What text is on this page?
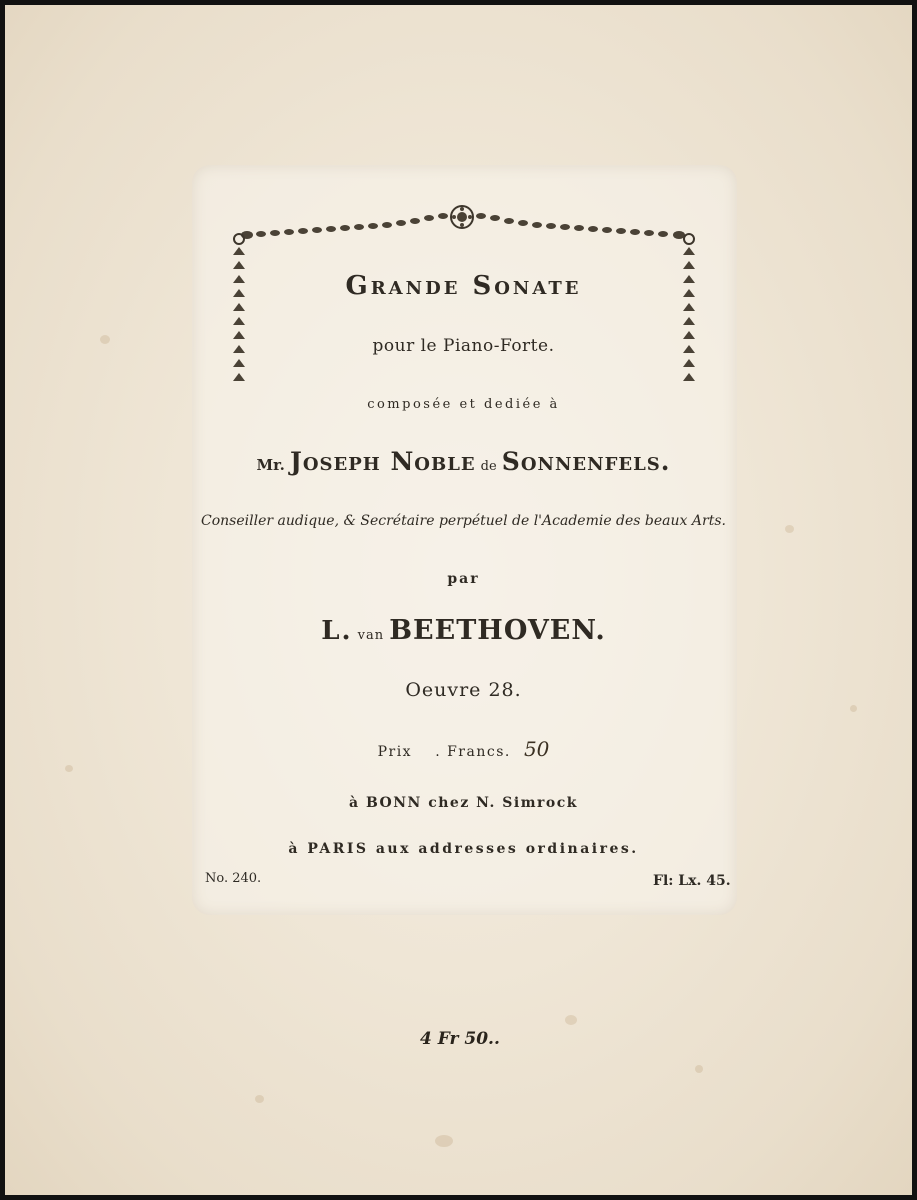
Grande Sonate
pour le Piano-Forte.
composée et dediée à
Mr. Joseph Noble de Sonnenfels.
Conseiller audique, & Secrétaire perpétuel de l'Academie des beaux Arts.
par
L. van BEETHOVEN.
Oeuvre 28.
Prix . Francs. 50
à BONN chez N. Simrock
à PARIS aux addresses ordinaires.
No. 240.	Fl: Lx. 45.
4 Fr 50..
